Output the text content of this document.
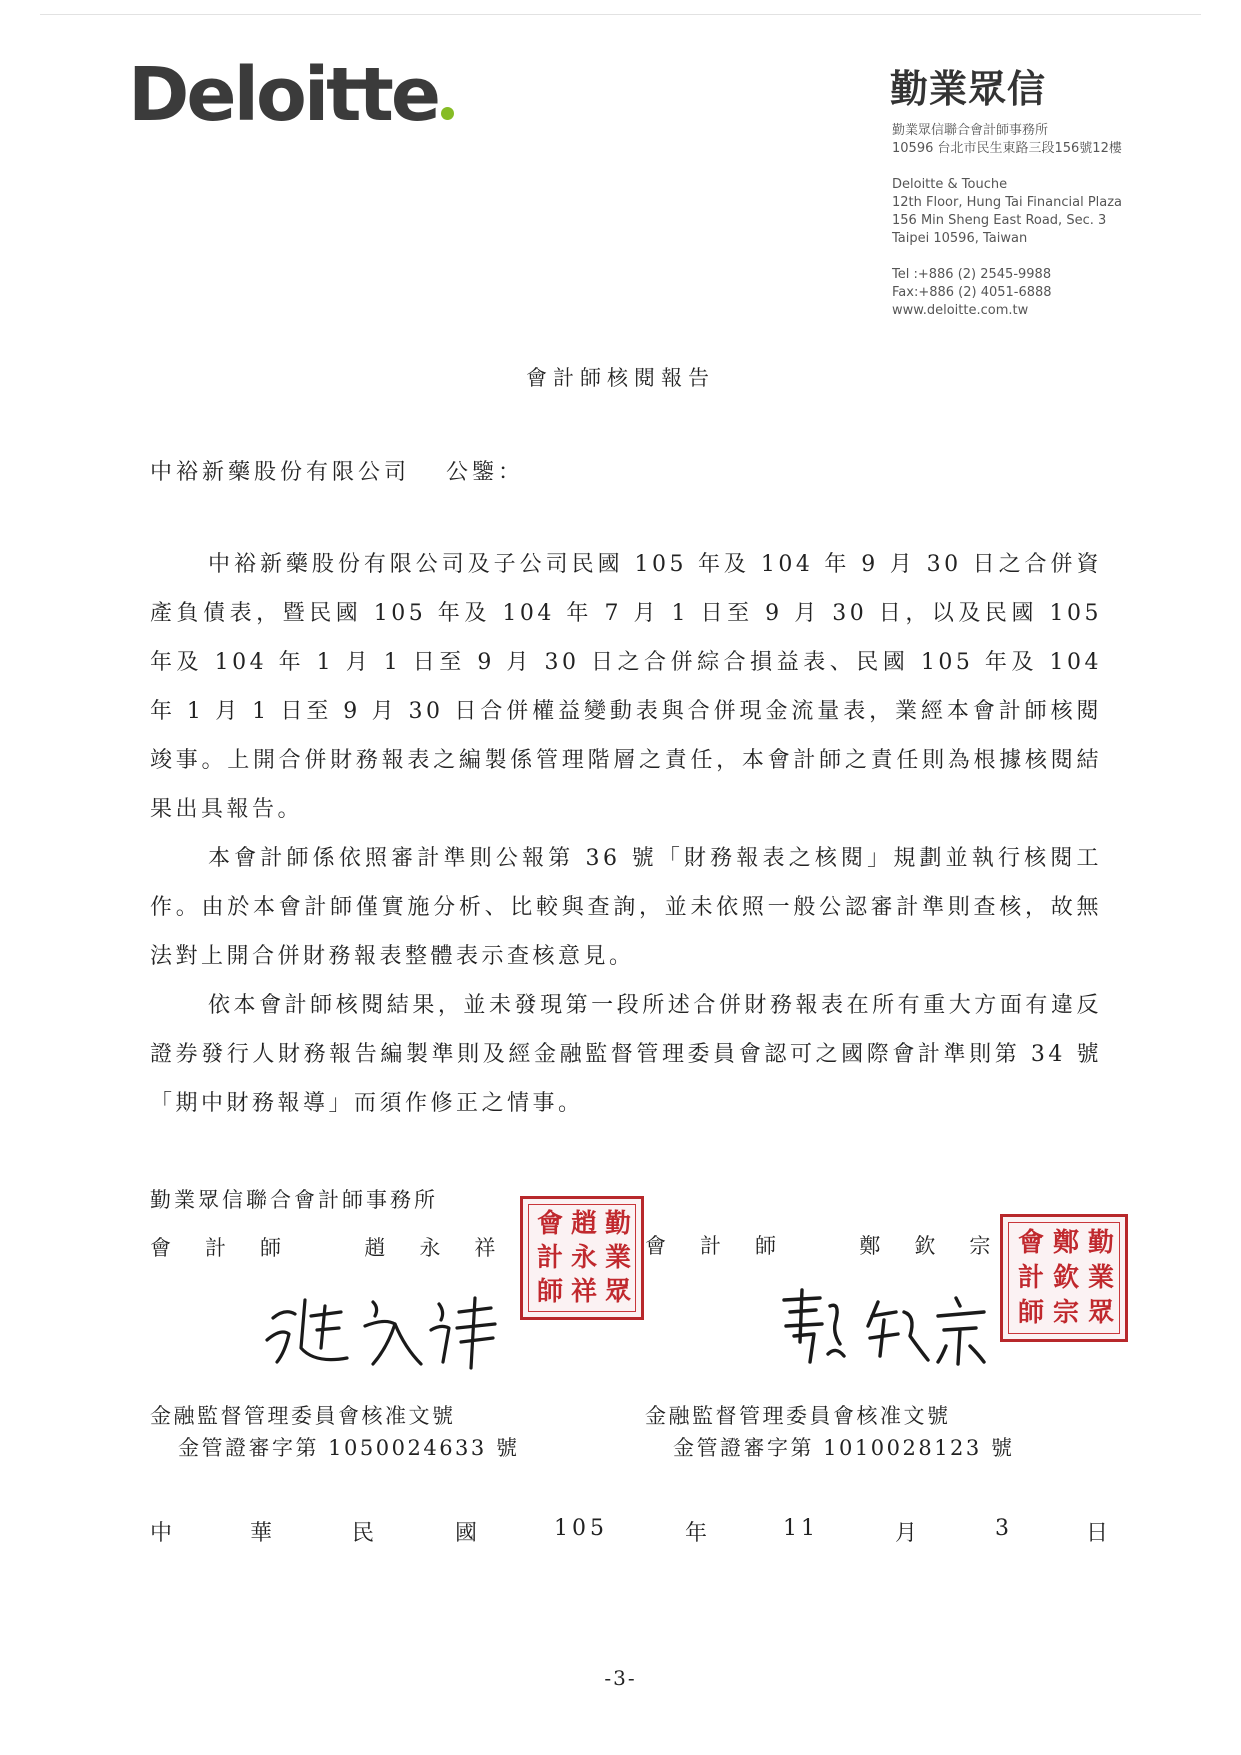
Deloitte	勤業眾信
勤業眾信聯合會計師事務所
10596 台北市民生東路三段156號12樓
Deloitte & Touche
12th Floor, Hung Tai Financial Plaza
156 Min Sheng East Road, Sec. 3
Taipei 10596, Taiwan
Tel :+886 (2) 2545-9988
Fax:+886 (2) 4051-6888
www.deloitte.com.tw
會計師核閱報告
中裕新藥股份有限公司 公鑒：

中裕新藥股份有限公司及子公司民國 105 年及 104 年 9 月 30 日之合併資產負債表，暨民國 105 年及 104 年 7 月 1 日至 9 月 30 日，以及民國 105 年及 104 年 1 月 1 日至 9 月 30 日之合併綜合損益表、民國 105 年及 104 年 1 月 1 日至 9 月 30 日合併權益變動表與合併現金流量表，業經本會計師核閱竣事。上開合併財務報表之編製係管理階層之責任，本會計師之責任則為根據核閱結果出具報告。

本會計師係依照審計準則公報第 36 號「財務報表之核閱」規劃並執行核閱工作。由於本會計師僅實施分析、比較與查詢，並未依照一般公認審計準則查核，故無法對上開合併財務報表整體表示查核意見。

依本會計師核閱結果，並未發現第一段所述合併財務報表在所有重大方面有違反證券發行人財務報告編製準則及經金融監督管理委員會認可之國際會計準則第 34 號「期中財務報導」而須作修正之情事。

勤業眾信聯合會計師事務所
會計師 趙永祥	會計師 鄭欽宗
會 趙 勤
計 永 業
師 祥 眾
會 鄭 勤
計 欽 業
師 宗 眾
金融監督管理委員會核准文號
金管證審字第 1050024633 號
金融監督管理委員會核准文號
金管證審字第 1010028123 號
中	華	民	國	105	年	11	月	3	日
-3-
